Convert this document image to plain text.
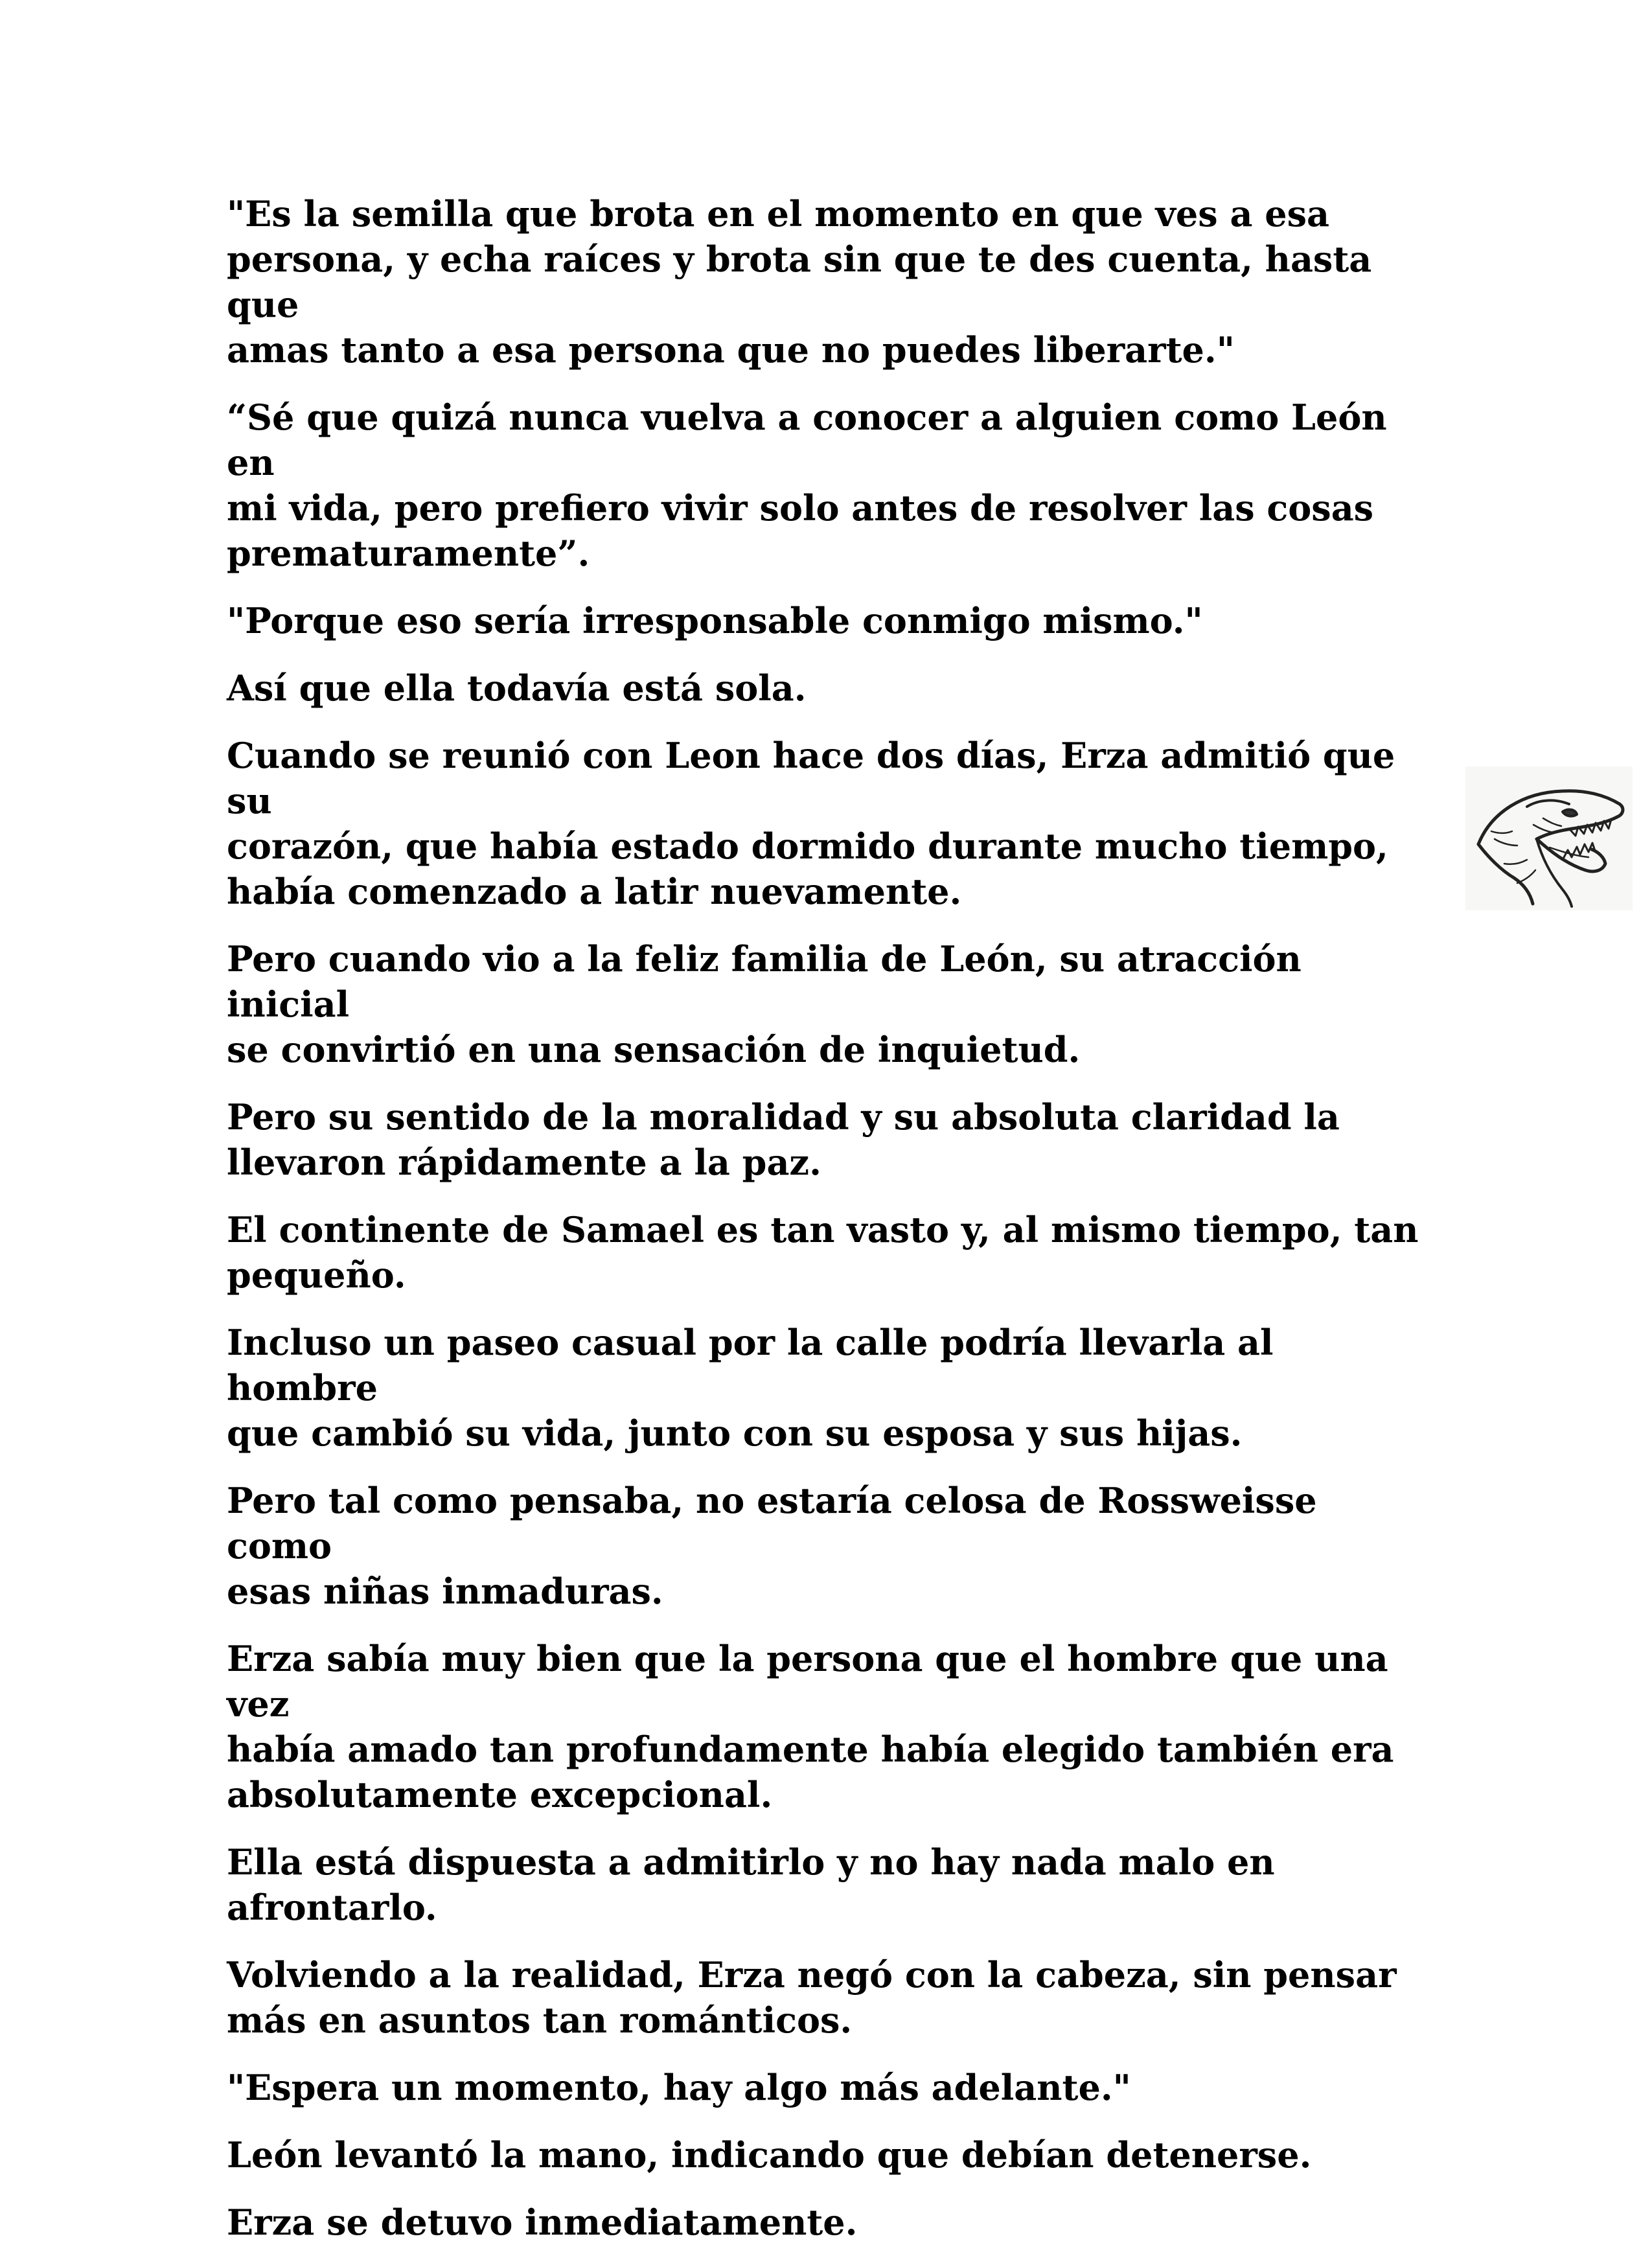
"Es la semilla que brota en el momento en que ves a esa
persona, y echa raíces y brota sin que te des cuenta, hasta que
amas tanto a esa persona que no puedes liberarte."

“Sé que quizá nunca vuelva a conocer a alguien como León en
mi vida, pero prefiero vivir solo antes de resolver las cosas
prematuramente”.

"Porque eso sería irresponsable conmigo mismo."

Así que ella todavía está sola.

Cuando se reunió con Leon hace dos días, Erza admitió que su
corazón, que había estado dormido durante mucho tiempo,
había comenzado a latir nuevamente.

Pero cuando vio a la feliz familia de León, su atracción inicial
se convirtió en una sensación de inquietud.

Pero su sentido de la moralidad y su absoluta claridad la
llevaron rápidamente a la paz.

El continente de Samael es tan vasto y, al mismo tiempo, tan
pequeño.

Incluso un paseo casual por la calle podría llevarla al hombre
que cambió su vida, junto con su esposa y sus hijas.

Pero tal como pensaba, no estaría celosa de Rossweisse como
esas niñas inmaduras.

Erza sabía muy bien que la persona que el hombre que una vez
había amado tan profundamente había elegido también era
absolutamente excepcional.

Ella está dispuesta a admitirlo y no hay nada malo en
afrontarlo.

Volviendo a la realidad, Erza negó con la cabeza, sin pensar
más en asuntos tan románticos.

"Espera un momento, hay algo más adelante."

León levantó la mano, indicando que debían detenerse.

Erza se detuvo inmediatamente.
